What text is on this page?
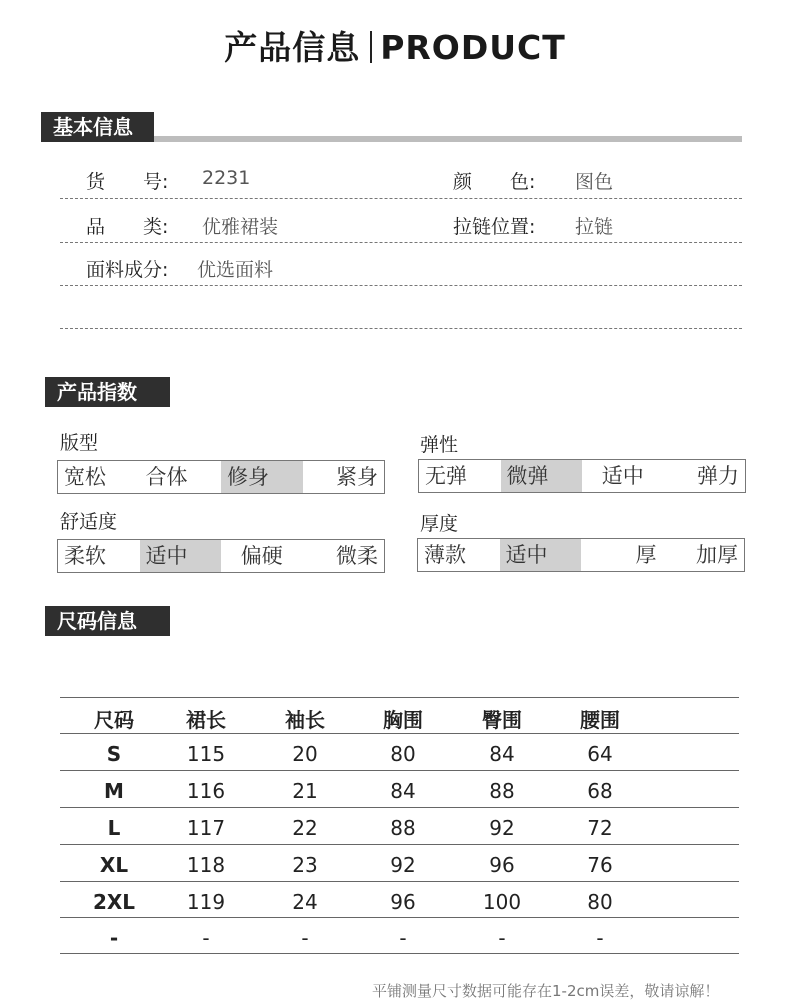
产品信息 PRODUCT
基本信息
货　　号: 2231	颜　　色: 图色
品　　类: 优雅裙装	拉链位置: 拉链
面料成分: 优选面料
产品指数
版型
宽松	合体	修身	紧身
弹性
无弹	微弹	适中	弹力
舒适度
柔软	适中	偏硬	微柔
厚度
薄款	适中	厚	加厚
尺码信息
尺码	裙长	袖长	胸围	臀围	腰围
S	115	20	80	84	64
M	116	21	84	88	68
L	117	22	88	92	72
XL	118	23	92	96	76
2XL	119	24	96	100	80
-	-	-	-	-	-
平铺测量尺寸数据可能存在1-2cm误差，敬请谅解！
